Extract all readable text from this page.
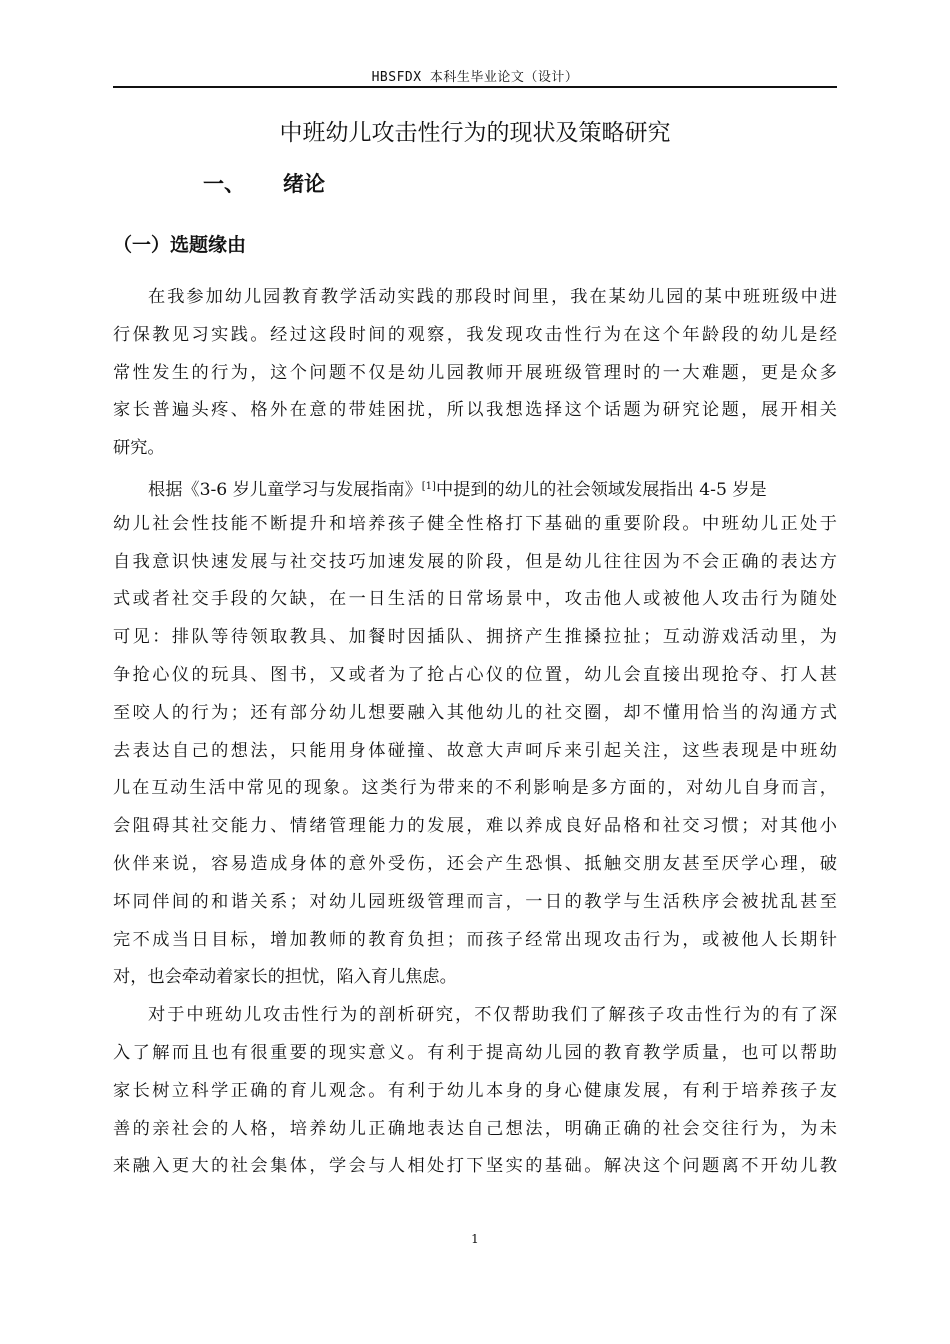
HBSFDX 本科生毕业论文（设计）
中班幼儿攻击性行为的现状及策略研究
一、 绪论
（一）选题缘由
在我参加幼儿园教育教学活动实践的那段时间里，我在某幼儿园的某中班班级中进
行保教见习实践。经过这段时间的观察，我发现攻击性行为在这个年龄段的幼儿是经
常性发生的行为，这个问题不仅是幼儿园教师开展班级管理时的一大难题，更是众多
家长普遍头疼、格外在意的带娃困扰，所以我想选择这个话题为研究论题，展开相关
研究。
根据《3-6 岁儿童学习与发展指南》[1]中提到的幼儿的社会领域发展指出 4-5 岁是
幼儿社会性技能不断提升和培养孩子健全性格打下基础的重要阶段。中班幼儿正处于
自我意识快速发展与社交技巧加速发展的阶段，但是幼儿往往因为不会正确的表达方
式或者社交手段的欠缺，在一日生活的日常场景中，攻击他人或被他人攻击行为随处
可见：排队等待领取教具、加餐时因插队、拥挤产生推搡拉扯；互动游戏活动里，为
争抢心仪的玩具、图书，又或者为了抢占心仪的位置，幼儿会直接出现抢夺、打人甚
至咬人的行为；还有部分幼儿想要融入其他幼儿的社交圈，却不懂用恰当的沟通方式
去表达自己的想法，只能用身体碰撞、故意大声呵斥来引起关注，这些表现是中班幼
儿在互动生活中常见的现象。这类行为带来的不利影响是多方面的，对幼儿自身而言，
会阻碍其社交能力、情绪管理能力的发展，难以养成良好品格和社交习惯；对其他小
伙伴来说，容易造成身体的意外受伤，还会产生恐惧、抵触交朋友甚至厌学心理，破
坏同伴间的和谐关系；对幼儿园班级管理而言，一日的教学与生活秩序会被扰乱甚至
完不成当日目标，增加教师的教育负担；而孩子经常出现攻击行为，或被他人长期针
对，也会牵动着家长的担忧，陷入育儿焦虑。
对于中班幼儿攻击性行为的剖析研究，不仅帮助我们了解孩子攻击性行为的有了深
入了解而且也有很重要的现实意义。有利于提高幼儿园的教育教学质量，也可以帮助
家长树立科学正确的育儿观念。有利于幼儿本身的身心健康发展，有利于培养孩子友
善的亲社会的人格，培养幼儿正确地表达自己想法，明确正确的社会交往行为，为未
来融入更大的社会集体，学会与人相处打下坚实的基础。解决这个问题离不开幼儿教
1
